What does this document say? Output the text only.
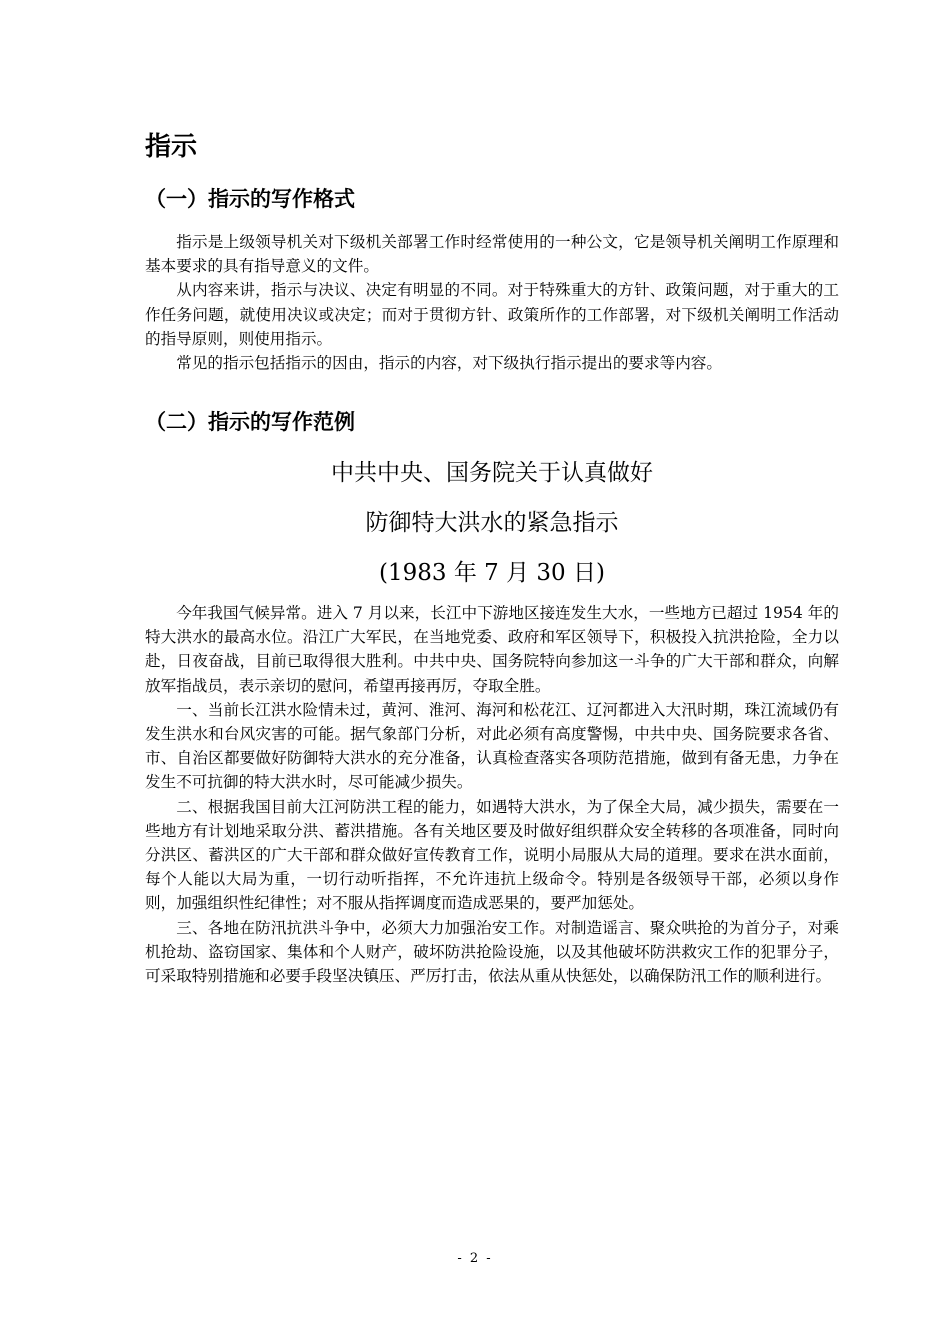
指示
（一）指示的写作格式

指示是上级领导机关对下级机关部署工作时经常使用的一种公文，它是领导机关阐明工作原理和基本要求的具有指导意义的文件。

从内容来讲，指示与决议、决定有明显的不同。对于特殊重大的方针、政策问题，对于重大的工作任务问题，就使用决议或决定；而对于贯彻方针、政策所作的工作部署，对下级机关阐明工作活动的指导原则，则使用指示。

常见的指示包括指示的因由，指示的内容，对下级执行指示提出的要求等内容。

（二）指示的写作范例
中共中央、国务院关于认真做好
防御特大洪水的紧急指示
(1983 年 7 月 30 日)

今年我国气候异常。进入 7 月以来，长江中下游地区接连发生大水，一些地方已超过 1954 年的特大洪水的最高水位。沿江广大军民，在当地党委、政府和军区领导下，积极投入抗洪抢险，全力以赴，日夜奋战，目前已取得很大胜利。中共中央、国务院特向参加这一斗争的广大干部和群众，向解放军指战员，表示亲切的慰问，希望再接再厉，夺取全胜。

一、当前长江洪水险情未过，黄河、淮河、海河和松花江、辽河都进入大汛时期，珠江流域仍有发生洪水和台风灾害的可能。据气象部门分析，对此必须有高度警惕，中共中央、国务院要求各省、市、自治区都要做好防御特大洪水的充分准备，认真检查落实各项防范措施，做到有备无患，力争在发生不可抗御的特大洪水时，尽可能减少损失。

二、根据我国目前大江河防洪工程的能力，如遇特大洪水，为了保全大局，减少损失，需要在一些地方有计划地采取分洪、蓄洪措施。各有关地区要及时做好组织群众安全转移的各项准备，同时向分洪区、蓄洪区的广大干部和群众做好宣传教育工作，说明小局服从大局的道理。要求在洪水面前，每个人能以大局为重，一切行动听指挥，不允许违抗上级命令。特别是各级领导干部，必须以身作则，加强组织性纪律性；对不服从指挥调度而造成恶果的，要严加惩处。

三、各地在防汛抗洪斗争中，必须大力加强治安工作。对制造谣言、聚众哄抢的为首分子，对乘机抢劫、盗窃国家、集体和个人财产，破坏防洪抢险设施，以及其他破坏防洪救灾工作的犯罪分子，可采取特别措施和必要手段坚决镇压、严厉打击，依法从重从快惩处，以确保防汛工作的顺利进行。

- 2 -
